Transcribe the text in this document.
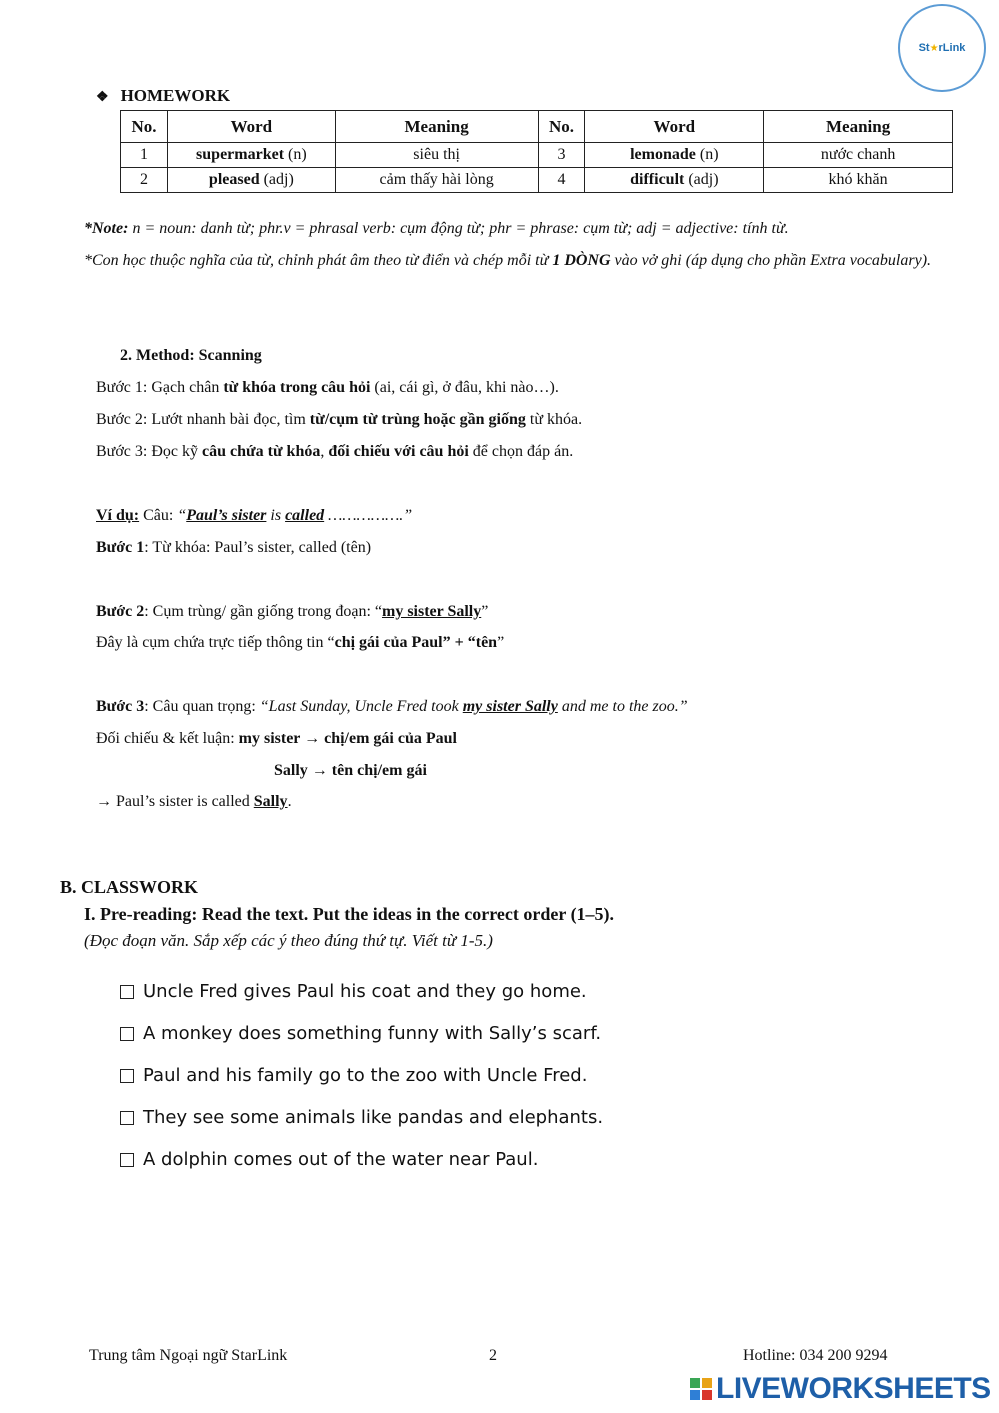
St ★ rLink
❖ HOMEWORK
No.	Word	Meaning	No.	Word	Meaning
1	supermarket (n)	siêu thị	3	lemonade (n)	nước chanh
2	pleased (adj)	cảm thấy hài lòng	4	difficult (adj)	khó khăn
*Note: n = noun: danh từ; phr.v = phrasal verb: cụm động từ; phr = phrase: cụm từ; adj = adjective: tính từ.
*Con học thuộc nghĩa của từ, chỉnh phát âm theo từ điển và chép mỗi từ 1 DÒNG vào vở ghi (áp dụng cho phần Extra vocabulary).
2. Method: Scanning
Bước 1: Gạch chân từ khóa trong câu hỏi (ai, cái gì, ở đâu, khi nào…).
Bước 2: Lướt nhanh bài đọc, tìm từ/cụm từ trùng hoặc gần giống từ khóa.
Bước 3: Đọc kỹ câu chứa từ khóa, đối chiếu với câu hỏi để chọn đáp án.
Ví dụ: Câu: “Paul’s sister is called …………….”
Bước 1: Từ khóa: Paul’s sister, called (tên)
Bước 2: Cụm trùng/ gần giống trong đoạn: “my sister Sally”
Đây là cụm chứa trực tiếp thông tin “chị gái của Paul” + “tên”
Bước 3: Câu quan trọng: “Last Sunday, Uncle Fred took my sister Sally and me to the zoo.”
Đối chiếu & kết luận: my sister → chị/em gái của Paul
Sally → tên chị/em gái
→ Paul’s sister is called Sally.
B. CLASSWORK
I. Pre-reading: Read the text. Put the ideas in the correct order (1–5).
(Đọc đoạn văn. Sắp xếp các ý theo đúng thứ tự. Viết từ 1-5.)
Uncle Fred gives Paul his coat and they go home.
A monkey does something funny with Sally’s scarf.
Paul and his family go to the zoo with Uncle Fred.
They see some animals like pandas and elephants.
A dolphin comes out of the water near Paul.
Trung tâm Ngoại ngữ StarLink	2	Hotline: 034 200 9294
LIVEWORKSHEETS
